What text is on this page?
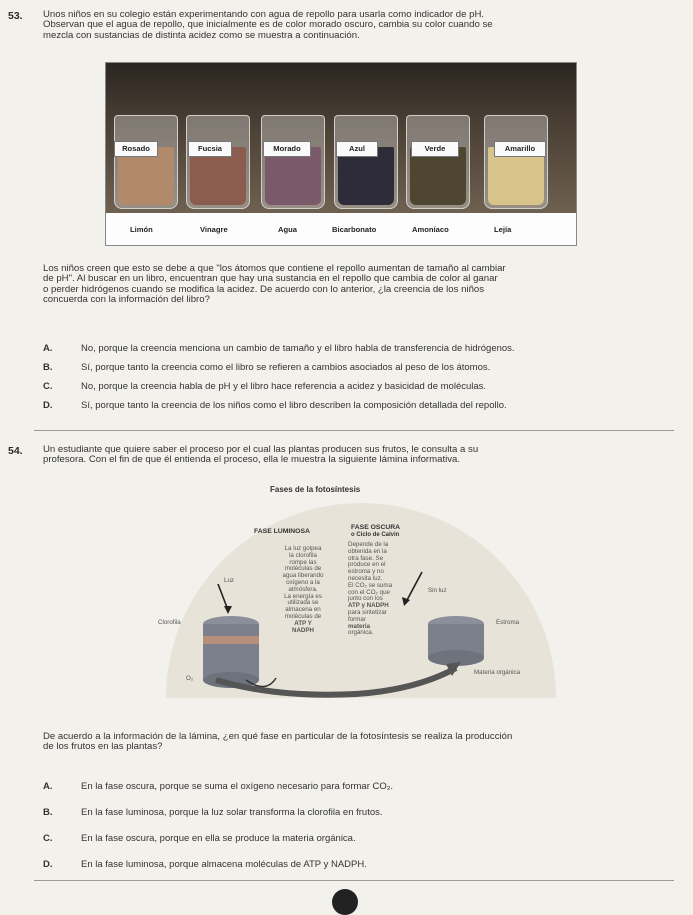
53. Unos niños en su colegio están experimentando con agua de repollo para usarla como indicador de pH.
Observan que el agua de repollo, que inicialmente es de color morado oscuro, cambia su color cuando se
mezcla con sustancias de distinta acidez como se muestra a continuación.
Rosado	Fucsia	Morado	Azul	Verde	Amarillo
Limón	Vinagre	Agua	Bicarbonato	Amoníaco	Lejía
Los niños creen que esto se debe a que "los átomos que contiene el repollo aumentan de tamaño al cambiar
de pH". Al buscar en un libro, encuentran que hay una sustancia en el repollo que cambia de color al ganar
o perder hidrógenos cuando se modifica la acidez. De acuerdo con lo anterior, ¿la creencia de los niños
concuerda con la información del libro?
A.	No, porque la creencia menciona un cambio de tamaño y el libro habla de transferencia de hidrógenos.
B.	Sí, porque tanto la creencia como el libro se refieren a cambios asociados al peso de los átomos.
C.	No, porque la creencia habla de pH y el libro hace referencia a acidez y basicidad de moléculas.
D.	Sí, porque tanto la creencia de los niños como el libro describen la composición detallada del repollo.
54. Un estudiante que quiere saber el proceso por el cual las plantas producen sus frutos, le consulta a su
profesora. Con el fin de que él entienda el proceso, ella le muestra la siguiente lámina informativa.
Fases de la fotosíntesis
FASE LUMINOSA
FASE OSCURA
o Ciclo de Calvin
La luz golpea
la clorofila
rompe las
moléculas de
agua liberando
oxígeno a la
atmósfera.
La energía es
utilizada se
almacena en
moléculas de
ATP Y
NADPH
Depende de la
obtenida en la
otra fase. Se
produce en el
estroma y no
necesita luz.
El CO₂ se suma
con el CO₂ que
junto con los
ATP y NADPH
para sintetizar
formar
materia
orgánica.
Luz
Clorofila
O₂
Sin luz
Estroma
Materia orgánica
De acuerdo a la información de la lámina, ¿en qué fase en particular de la fotosíntesis se realiza la producción
de los frutos en las plantas?
A.	En la fase oscura, porque se suma el oxígeno necesario para formar CO₂.
B.	En la fase luminosa, porque la luz solar transforma la clorofila en frutos.
C.	En la fase oscura, porque en ella se produce la materia orgánica.
D.	En la fase luminosa, porque almacena moléculas de ATP y NADPH.
